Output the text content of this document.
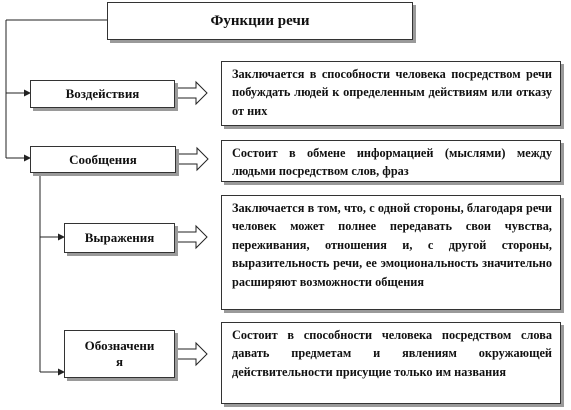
Функции речи
Воздействия
Сообщения
Выражения
Обозначени
я
Заключается в способности человека посредством речи побуждать людей к определенным действиям или отказу от них
Состоит в обмене информацией (мыслями) между людьми посредством слов, фраз
Заключается в том, что, с одной стороны, благодаря речи человек может полнее передавать свои чувства, переживания, отношения и, с другой стороны, выразительность речи, ее эмоциональность значительно расширяют возможности общения
Состоит в способности человека посредством слова давать предметам и явлениям окружающей действительности присущие только им названия
